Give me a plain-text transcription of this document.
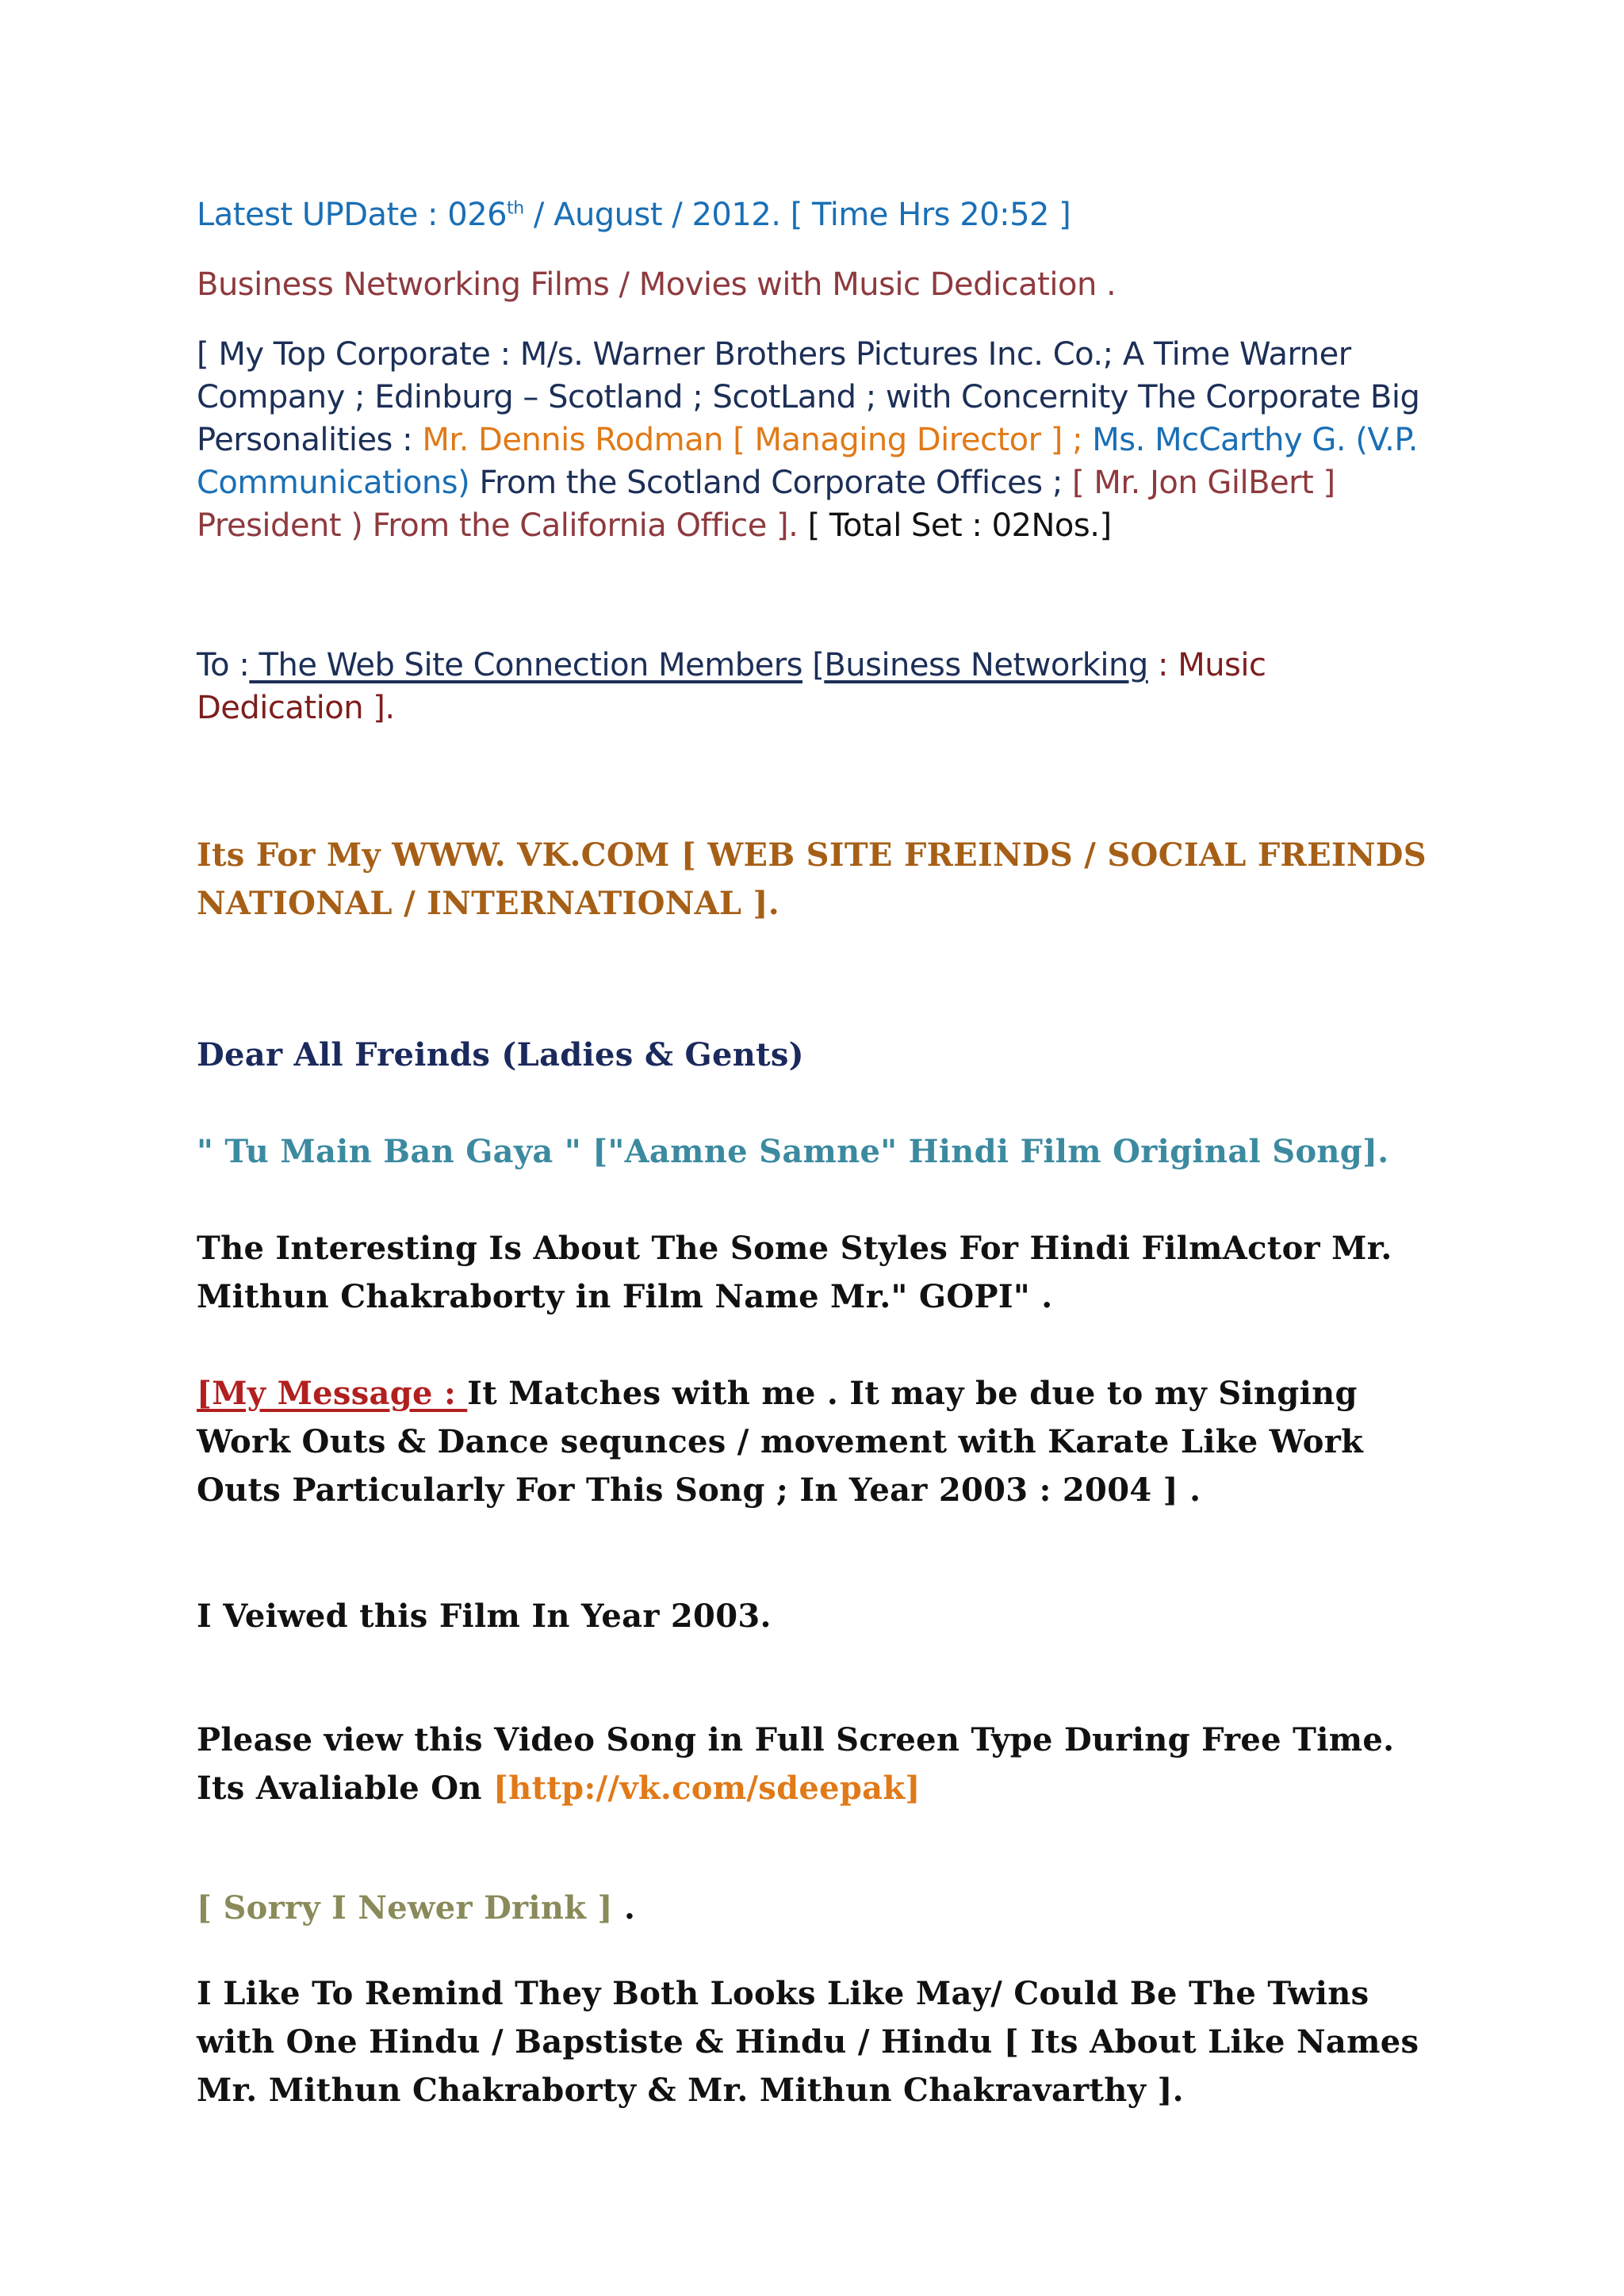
Latest UPDate : 026th / August / 2012. [ Time Hrs 20:52 ]

Business Networking Films / Movies with Music Dedication .

[ My Top Corporate : M/s. Warner Brothers Pictures Inc. Co.; A Time Warner Company ; Edinburg – Scotland ; ScotLand ; with Concernity The Corporate Big Personalities : Mr. Dennis Rodman [ Managing Director ] ; Ms. McCarthy G. (V.P. Communications) From the Scotland Corporate Offices ; [ Mr. Jon GilBert ] President ) From the California Office ]. [ Total Set : 02Nos.]

To : The Web Site Connection Members [Business Networking : Music Dedication ].

Its For My WWW. VK.COM [ WEB SITE FREINDS / SOCIAL FREINDS NATIONAL / INTERNATIONAL ].

Dear All Freinds (Ladies & Gents)

" Tu Main Ban Gaya " ["Aamne Samne" Hindi Film Original Song].

The Interesting Is About The Some Styles For Hindi FilmActor Mr. Mithun Chakraborty in Film Name Mr." GOPI" .

[My Message : It Matches with me . It may be due to my Singing Work Outs & Dance sequnces / movement with Karate Like Work Outs Particularly For This Song ; In Year 2003 : 2004 ] .

I Veiwed this Film In Year 2003.

Please view this Video Song in Full Screen Type During Free Time. Its Avaliable On [http://vk.com/sdeepak]

[ Sorry I Newer Drink ] .

I Like To Remind They Both Looks Like May/ Could Be The Twins with One Hindu / Bapstiste & Hindu / Hindu [ Its About Like Names Mr. Mithun Chakraborty & Mr. Mithun Chakravarthy ].
